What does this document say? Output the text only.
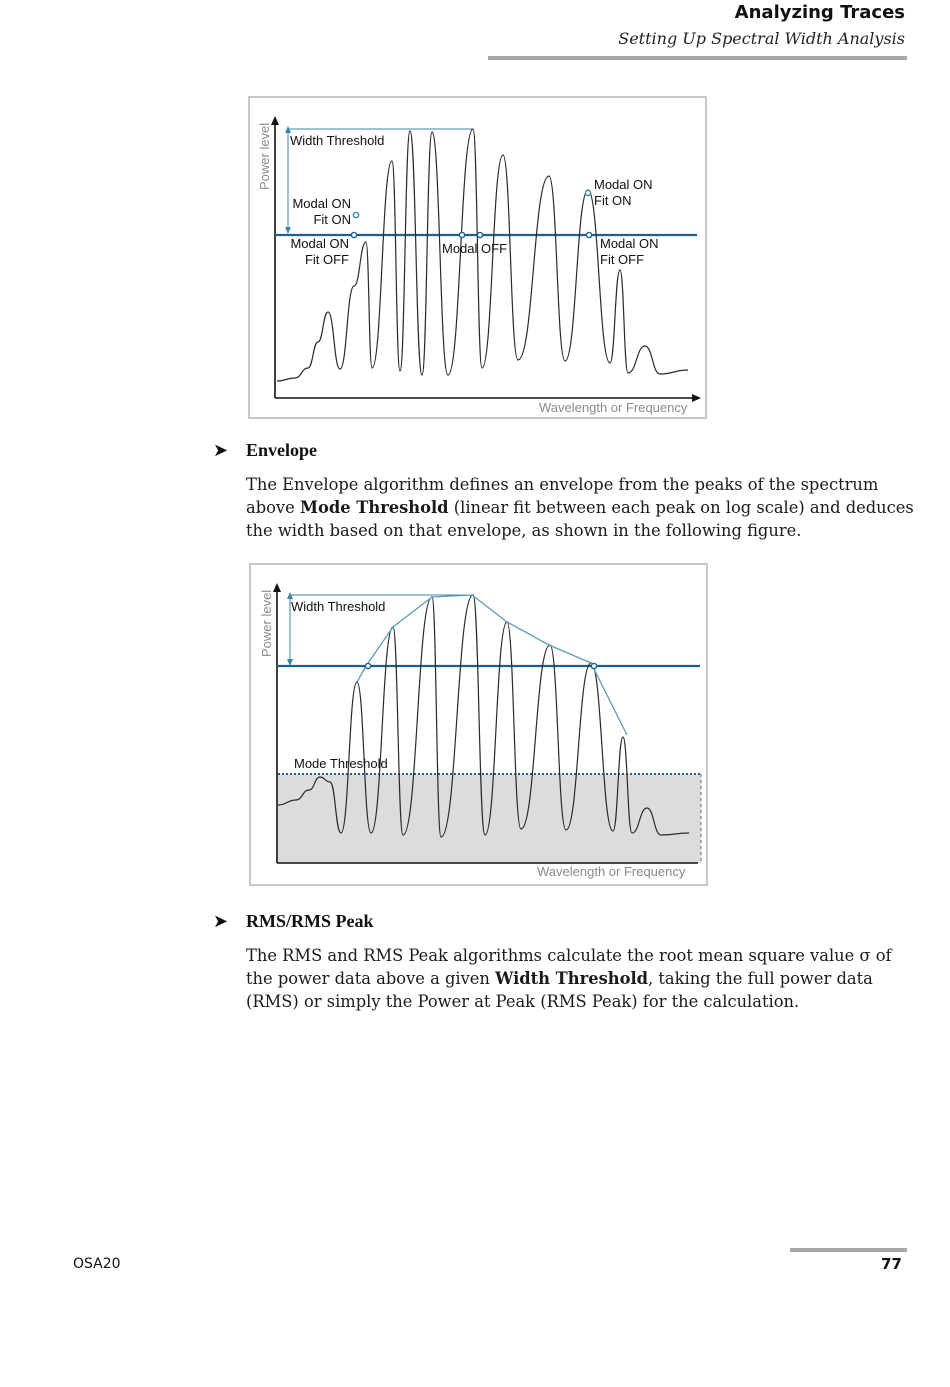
Analyzing Traces
Setting Up Spectral Width Analysis
Power level Width Threshold
Modal ON
Fit ON
Modal ON
Fit OFF
Modal OFF
Modal ON
Fit ON
Modal ON
Fit OFF
Wavelength or Frequency
➤ Envelope
The Envelope algorithm defines an envelope from the peaks of the spectrum above Mode Threshold (linear fit between each peak on log scale) and deduces the width based on that envelope, as shown in the following figure.
Power level Width Threshold
Mode Threshold
Wavelength or Frequency
➤ RMS/RMS Peak
The RMS and RMS Peak algorithms calculate the root mean square value σ of the power data above a given Width Threshold, taking the full power data (RMS) or simply the Power at Peak (RMS Peak) for the calculation.
OSA20	77
